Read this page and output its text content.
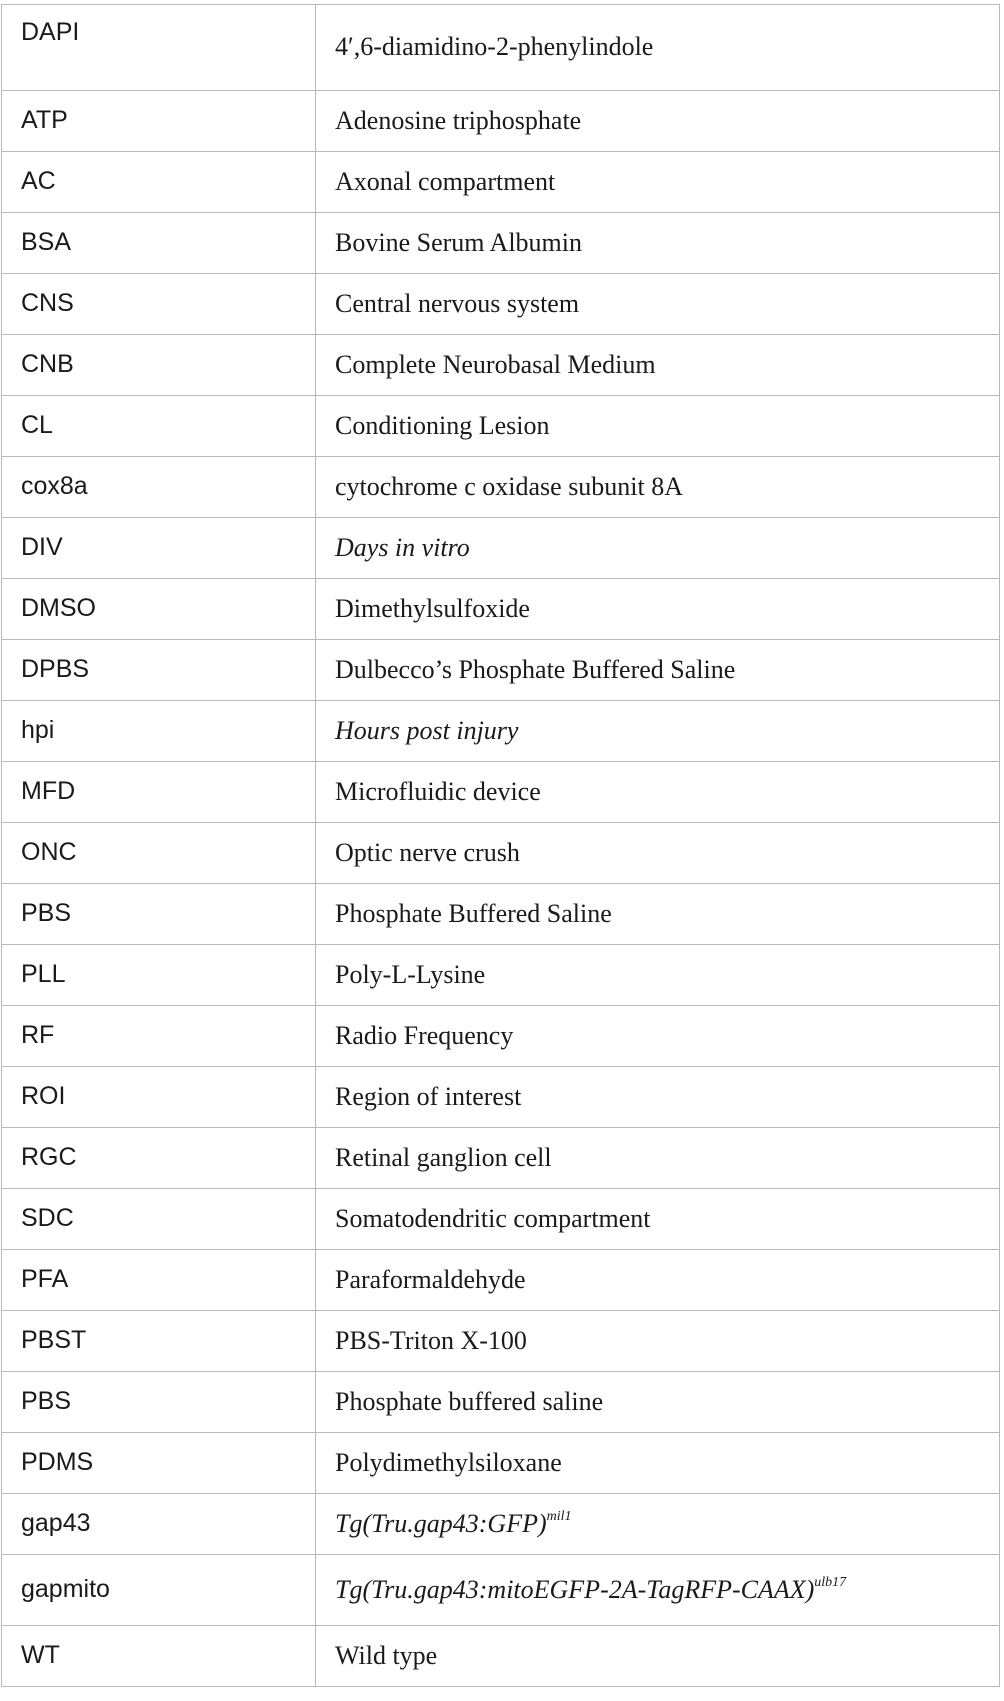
DAPI	4′,6-diamidino-2-phenylindole
ATP	Adenosine triphosphate
AC	Axonal compartment
BSA	Bovine Serum Albumin
CNS	Central nervous system
CNB	Complete Neurobasal Medium
CL	Conditioning Lesion
cox8a	cytochrome c oxidase subunit 8A
DIV	Days in vitro
DMSO	Dimethylsulfoxide
DPBS	Dulbecco’s Phosphate Buffered Saline
hpi	Hours post injury
MFD	Microfluidic device
ONC	Optic nerve crush
PBS	Phosphate Buffered Saline
PLL	Poly-L-Lysine
RF	Radio Frequency
ROI	Region of interest
RGC	Retinal ganglion cell
SDC	Somatodendritic compartment
PFA	Paraformaldehyde
PBST	PBS-Triton X-100
PBS	Phosphate buffered saline
PDMS	Polydimethylsiloxane
gap43	Tg(Tru.gap43:GFP)$^{mil1}$
gapmito	Tg(Tru.gap43:mitoEGFP-2A-TagRFP-CAAX)$^{ulb17}$
WT	Wild type
